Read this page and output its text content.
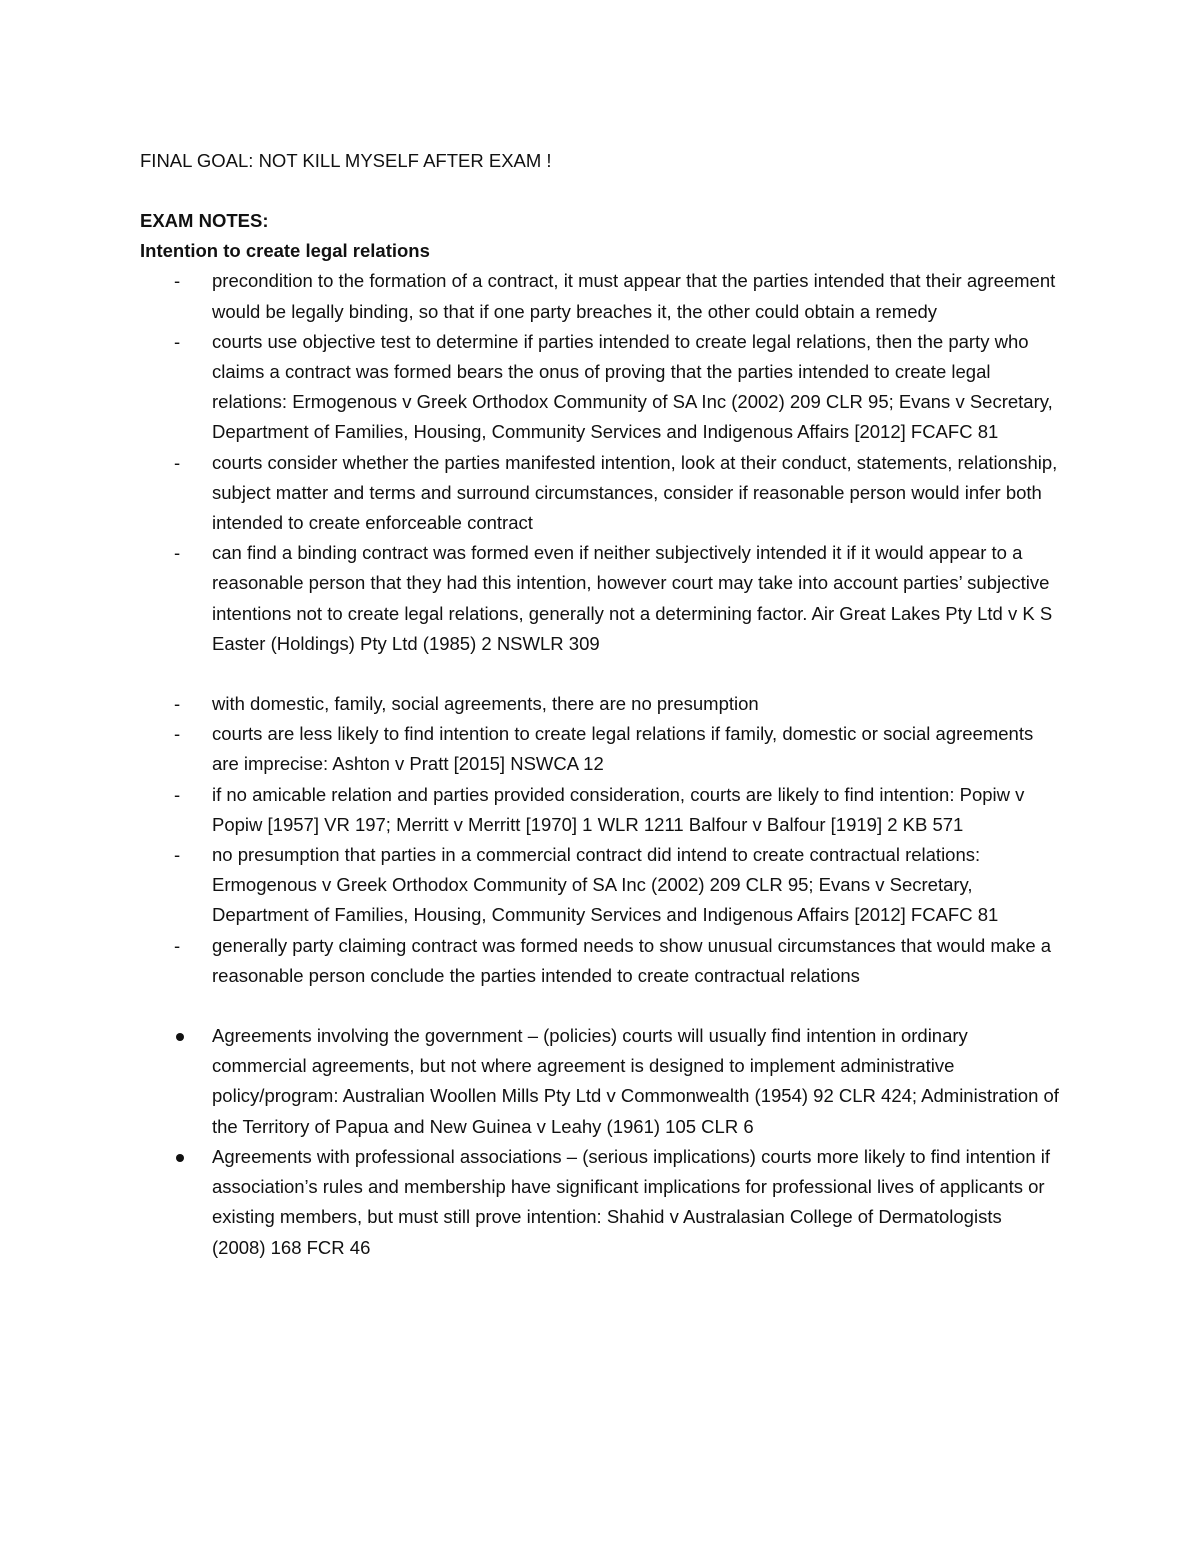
FINAL GOAL: NOT KILL MYSELF AFTER EXAM !

EXAM NOTES:

Intention to create legal relations

- precondition to the formation of a contract, it must appear that the parties intended that their agreement would be legally binding, so that if one party breaches it, the other could obtain a remedy
- courts use objective test to determine if parties intended to create legal relations, then the party who claims a contract was formed bears the onus of proving that the parties intended to create legal relations: Ermogenous v Greek Orthodox Community of SA Inc (2002) 209 CLR 95; Evans v Secretary, Department of Families, Housing, Community Services and Indigenous Affairs [2012] FCAFC 81
- courts consider whether the parties manifested intention, look at their conduct, statements, relationship, subject matter and terms and surround circumstances, consider if reasonable person would infer both intended to create enforceable contract
- can find a binding contract was formed even if neither subjectively intended it if it would appear to a reasonable person that they had this intention, however court may take into account parties’ subjective intentions not to create legal relations, generally not a determining factor. Air Great Lakes Pty Ltd v K S Easter (Holdings) Pty Ltd (1985) 2 NSWLR 309
- with domestic, family, social agreements, there are no presumption
- courts are less likely to find intention to create legal relations if family, domestic or social agreements are imprecise: Ashton v Pratt [2015] NSWCA 12
- if no amicable relation and parties provided consideration, courts are likely to find intention: Popiw v Popiw [1957] VR 197; Merritt v Merritt [1970] 1 WLR 1211 Balfour v Balfour [1919] 2 KB 571
- no presumption that parties in a commercial contract did intend to create contractual relations: Ermogenous v Greek Orthodox Community of SA Inc (2002) 209 CLR 95; Evans v Secretary, Department of Families, Housing, Community Services and Indigenous Affairs [2012] FCAFC 81
- generally party claiming contract was formed needs to show unusual circumstances that would make a reasonable person conclude the parties intended to create contractual relations
Agreements involving the government – (policies) courts will usually find intention in ordinary commercial agreements, but not where agreement is designed to implement administrative policy/program: Australian Woollen Mills Pty Ltd v Commonwealth (1954) 92 CLR 424; Administration of the Territory of Papua and New Guinea v Leahy (1961) 105 CLR 6
Agreements with professional associations – (serious implications) courts more likely to find intention if association’s rules and membership have significant implications for professional lives of applicants or existing members, but must still prove intention: Shahid v Australasian College of Dermatologists (2008) 168 FCR 46
